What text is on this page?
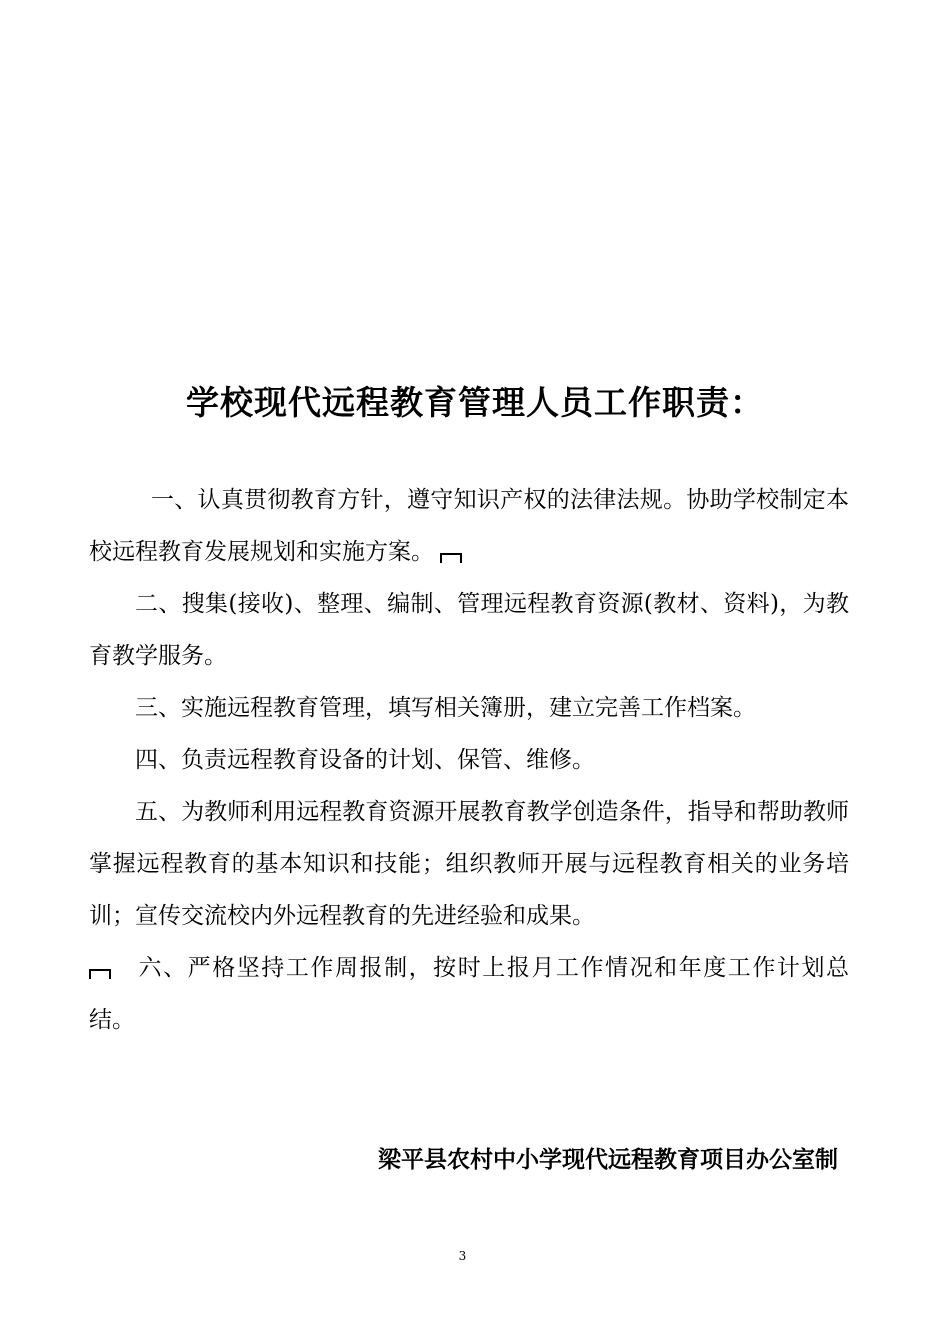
学校现代远程教育管理人员工作职责：

一、认真贯彻教育方针，遵守知识产权的法律法规。协助学校制定本校远程教育发展规划和实施方案。

二、搜集(接收)、整理、编制、管理远程教育资源(教材、资料)，为教育教学服务。

三、实施远程教育管理，填写相关簿册，建立完善工作档案。

四、负责远程教育设备的计划、保管、维修。

五、为教师利用远程教育资源开展教育教学创造条件，指导和帮助教师掌握远程教育的基本知识和技能；组织教师开展与远程教育相关的业务培训；宣传交流校内外远程教育的先进经验和成果。

六、严格坚持工作周报制，按时上报月工作情况和年度工作计划总结。

梁平县农村中小学现代远程教育项目办公室制
3
